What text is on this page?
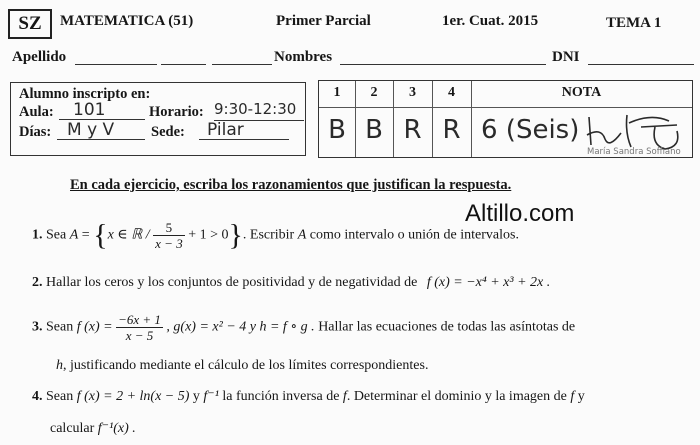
SZ	MATEMATICA (51)	Primer Parcial	1er. Cuat. 2015	TEMA 1
Apellido	Nombres	DNI
Alumno inscripto en:
Aula:	101	Horario: 9:30-12:30
Días: M y V	Sede:	Pilar
1	2	3	4	NOTA
B B R R 6 (Seis)
María Sandra Soffiano
En cada ejercicio, escriba los razonamientos que justifican la respuesta.
Altillo.com
1. Sea A = {x ∈ ℝ / $\frac{5}{x - 3} + 1 > 0$}. Escribir A como intervalo o unión de intervalos.
2. Hallar los ceros y los conjuntos de positividad y de negatividad de f (x) = −x⁴ + x³ + 2x .
3. Sean f $(x) = \frac{-6x + 1}{x - 5}$ , g(x) = x² − 4 y h = f ∘ g . Hallar las ecuaciones de todas las asíntotas de
h, justificando mediante el cálculo de los límites correspondientes.
4. Sean f (x) = 2 + ln(x − 5) y f⁻¹ la función inversa de f. Determinar el dominio y la imagen de f y
calcular f⁻¹(x) .
